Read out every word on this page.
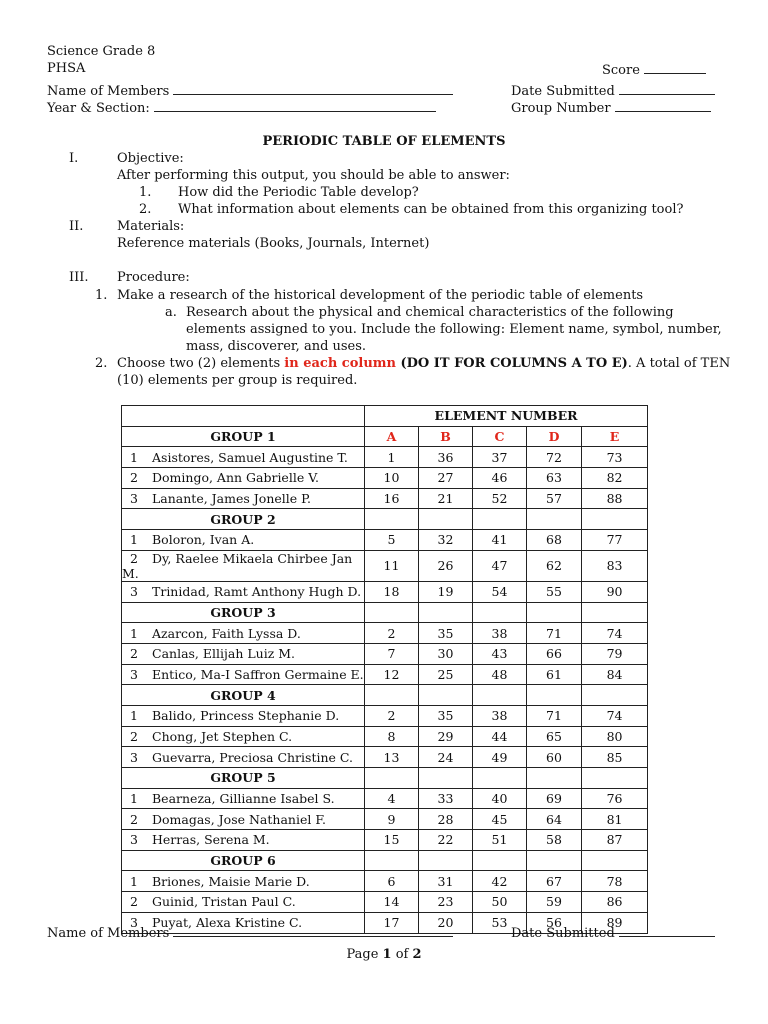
Science Grade 8
PHSA	Score
Name of Members	Date Submitted
Year & Section:	Group Number
PERIODIC TABLE OF ELEMENTS
I.	Objective:
After performing this output, you should be able to answer:
1. How did the Periodic Table develop?
2. What information about elements can be obtained from this organizing tool?
II.	Materials:
Reference materials (Books, Journals, Internet)
III. Procedure:
1. Make a research of the historical development of the periodic table of elements
a. Research about the physical and chemical characteristics of the following
elements assigned to you. Include the following: Element name, symbol, number,
mass, discoverer, and uses.
2. Choose two (2) elements in each column (DO IT FOR COLUMNS A TO E). A total of TEN
(10) elements per group is required.
	ELEMENT NUMBER				
GROUP 1	A	B	C	D	E
1 Asistores, Samuel Augustine T.	1	36	37	72	73
2 Domingo, Ann Gabrielle V.	10	27	46	63	82
3 Lanante, James Jonelle P.	16	21	52	57	88
GROUP 2					
1 Boloron, Ivan A.	5	32	41	68	77
2 Dy, Raelee Mikaela Chirbee Jan M.	11	26	47	62	83
3 Trinidad, Ramt Anthony Hugh D.	18	19	54	55	90
GROUP 3					
1 Azarcon, Faith Lyssa D.	2	35	38	71	74
2 Canlas, Ellijah Luiz M.	7	30	43	66	79
3 Entico, Ma-I Saffron Germaine E.	12	25	48	61	84
GROUP 4					
1 Balido, Princess Stephanie D.	2	35	38	71	74
2 Chong, Jet Stephen C.	8	29	44	65	80
3 Guevarra, Preciosa Christine C.	13	24	49	60	85
GROUP 5					
1 Bearneza, Gillianne Isabel S.	4	33	40	69	76
2 Domagas, Jose Nathaniel F.	9	28	45	64	81
3 Herras, Serena M.	15	22	51	58	87
GROUP 6					
1 Briones, Maisie Marie D.	6	31	42	67	78
2 Guinid, Tristan Paul C.	14	23	50	59	86
3 Puyat, Alexa Kristine C.	17	20	53	56	89
Name of Members	Date Submitted
Page 1 of 2
